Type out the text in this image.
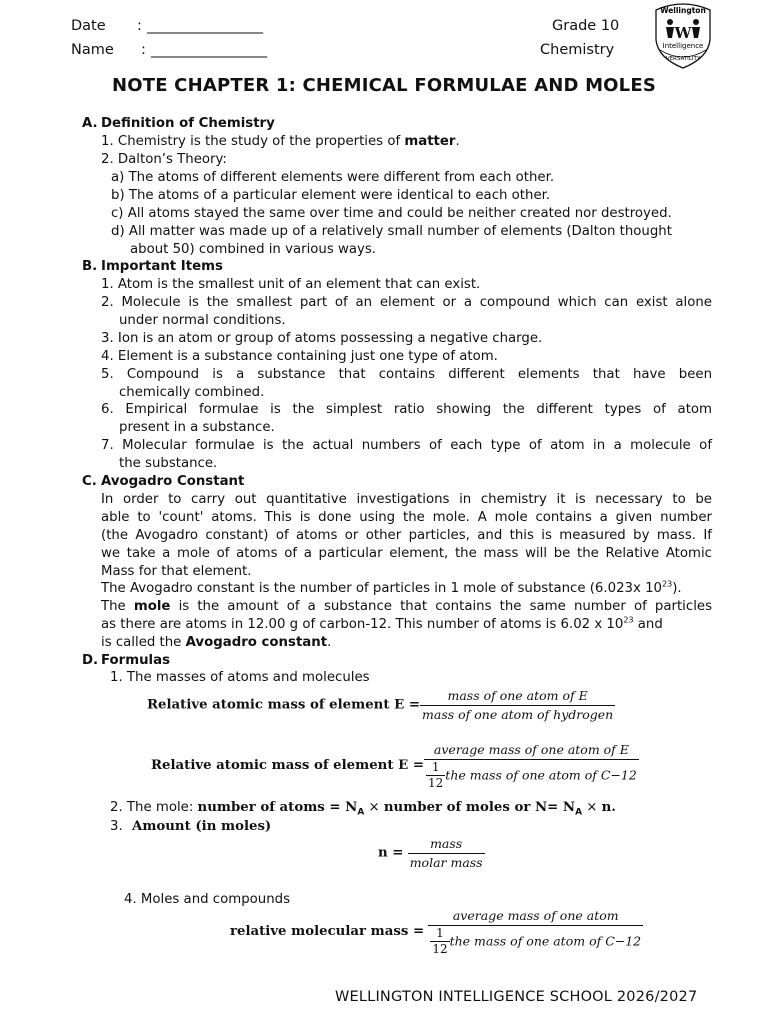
Date : ________________
Name : ________________
Grade 10
Chemistry
Wellington
W
Intelligence
VERSATILITY
NOTE CHAPTER 1: CHEMICAL FORMULAE AND MOLES
A. Definition of Chemistry
1. Chemistry is the study of the properties of matter.
2. Dalton’s Theory:
a) The atoms of different elements were different from each other.
b) The atoms of a particular element were identical to each other.
c) All atoms stayed the same over time and could be neither created nor destroyed.
d) All matter was made up of a relatively small number of elements (Dalton thought
about 50) combined in various ways.
B. Important Items
1. Atom is the smallest unit of an element that can exist.
2. Molecule is the smallest part of an element or a compound which can exist alone
under normal conditions.
3. Ion is an atom or group of atoms possessing a negative charge.
4. Element is a substance containing just one type of atom.
5. Compound is a substance that contains different elements that have been
chemically combined.
6. Empirical formulae is the simplest ratio showing the different types of atom
present in a substance.
7. Molecular formulae is the actual numbers of each type of atom in a molecule of
the substance.
C. Avogadro Constant
In order to carry out quantitative investigations in chemistry it is necessary to be
able to 'count' atoms. This is done using the mole. A mole contains a given number
(the Avogadro constant) of atoms or other particles, and this is measured by mass. If
we take a mole of atoms of a particular element, the mass will be the Relative Atomic
Mass for that element.
The Avogadro constant is the number of particles in 1 mole of substance (6.023x $10^{23}$).
The mole is the amount of a substance that contains the same number of particles
as there are atoms in 12.00 g of carbon-12. This number of atoms is 6.02 x $10^{23}$ and
is called the Avogadro constant.
D. Formulas
1. The masses of atoms and molecules
Relative atomic mass of element $E = \frac{\text{mass of one atom of E}}{\text{mass of one atom of hydrogen}}$
Relative atomic mass of element $E = \frac{\text{average mass of one atom of E}}{\frac{1}{12} the mass of one atom of C-12}$
2. The mole: number of atoms = $N_A$ × number of moles or $N= N_A \times n$.
3. Amount (in moles)
$n = \frac{\text{mass}}{\text{molar mass}}$
4. Moles and compounds
relative molecular mass = $\frac{\text{average mass of one atom}}{\frac{1}{12} the mass of one atom of C-12}$
WELLINGTON INTELLIGENCE SCHOOL 2026/2027
